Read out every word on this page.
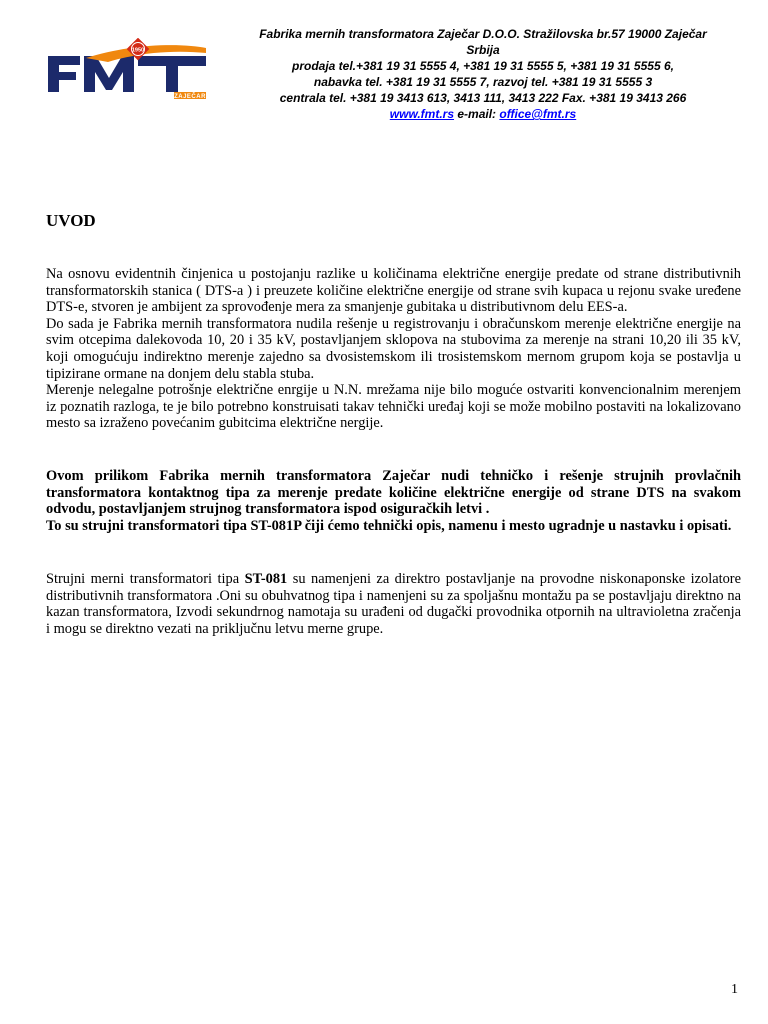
1950
ZAJEČAR
Fabrika mernih transformatora Zaječar D.O.O. Stražilovska br.57 19000 Zaječar
Srbija
prodaja tel.+381 19 31 5555 4, +381 19 31 5555 5, +381 19 31 5555 6,
nabavka tel. +381 19 31 5555 7, razvoj tel. +381 19 31 5555 3
centrala tel. +381 19 3413 613, 3413 111, 3413 222 Fax. +381 19 3413 266
www.fmt.rs e-mail: office@fmt.rs
UVOD
Na osnovu evidentnih činjenica u postojanju razlike u količinama električne energije predate od strane distributivnih transformatorskih stanica ( DTS-a ) i preuzete količine električne energije od strane svih kupaca u rejonu svake uređene DTS-e, stvoren je ambijent za sprovođenje mera za smanjenje gubitaka u distributivnom delu EES-a.
Do sada je Fabrika mernih transformatora nudila rešenje u registrovanju i obračunskom merenje električne energije na svim otcepima dalekovoda 10, 20 i 35 kV, postavljanjem sklopova na stubovima za merenje na strani 10,20 ili 35 kV, koji omogućuju indirektno merenje zajedno sa dvosistemskom ili trosistemskom mernom grupom koja se postavlja u tipizirane ormane na donjem delu stabla stuba.
Merenje nelegalne potrošnje električne enrgije u N.N. mrežama nije bilo moguće ostvariti konvencionalnim merenjem iz poznatih razloga, te je bilo potrebno konstruisati takav tehnički uređaj koji se može mobilno postaviti na lokalizovano mesto sa izraženo povećanim gubitcima električne nergije.
Ovom prilikom Fabrika mernih transformatora Zaječar nudi tehničko i rešenje strujnih provlačnih transformatora kontaktnog tipa za merenje predate količine električne energije od strane DTS na svakom odvodu, postavljanjem strujnog transformatora ispod osiguračkih letvi .
To su strujni transformatori tipa ST-081P čiji ćemo tehnički opis, namenu i mesto ugradnje u nastavku i opisati.
Strujni merni transformatori tipa ST-081 su namenjeni za direktro postavljanje na provodne niskonaponske izolatore distributivnih transformatora .Oni su obuhvatnog tipa i namenjeni su za spoljašnu montažu pa se postavljaju direktno na kazan transformatora, Izvodi sekundrnog namotaja su urađeni od dugački provodnika otpornih na ultravioletna zračenja i mogu se direktno vezati na priključnu letvu merne grupe.
1
